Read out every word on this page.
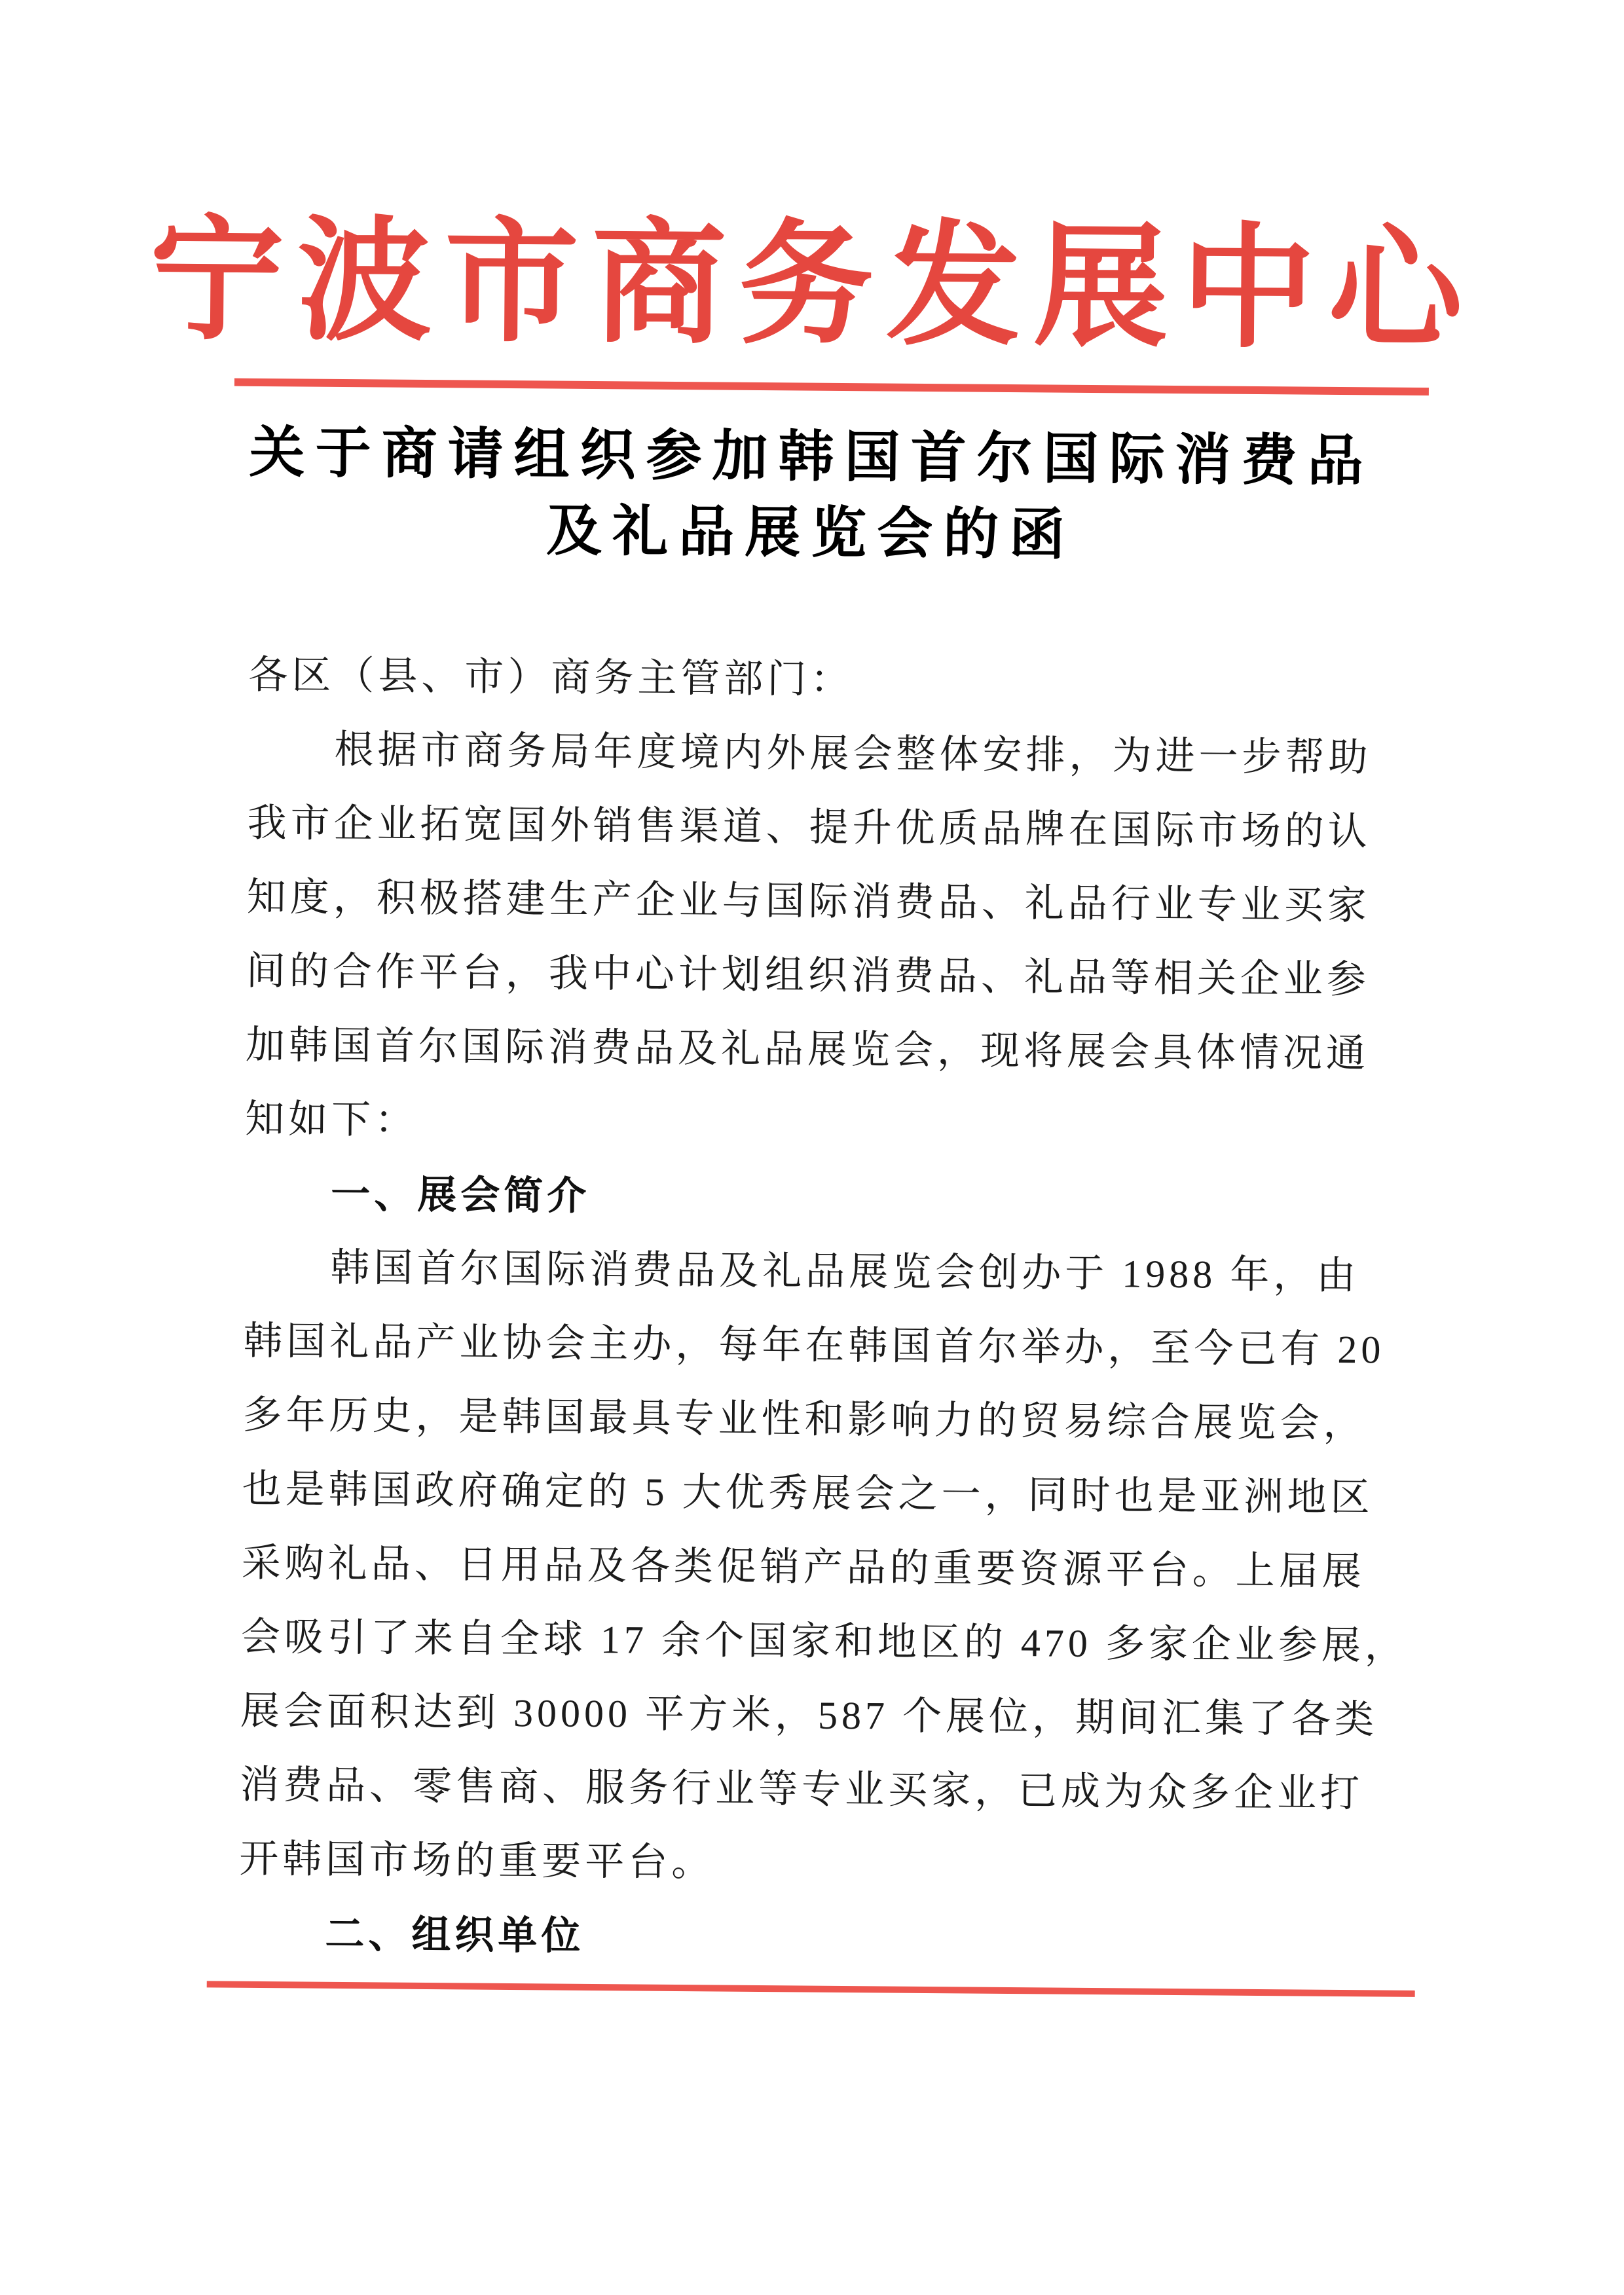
宁波市商务发展中心
关于商请组织参加韩国首尔国际消费品
及礼品展览会的函
各区（县、市）商务主管部门：
　　根据市商务局年度境内外展会整体安排，为进一步帮助
我市企业拓宽国外销售渠道、提升优质品牌在国际市场的认
知度，积极搭建生产企业与国际消费品、礼品行业专业买家
间的合作平台，我中心计划组织消费品、礼品等相关企业参
加韩国首尔国际消费品及礼品展览会，现将展会具体情况通
知如下：
　　一、展会简介
　　韩国首尔国际消费品及礼品展览会创办于 1988 年，由
韩国礼品产业协会主办，每年在韩国首尔举办，至今已有 20
多年历史，是韩国最具专业性和影响力的贸易综合展览会，
也是韩国政府确定的 5 大优秀展会之一，同时也是亚洲地区
采购礼品、日用品及各类促销产品的重要资源平台。上届展
会吸引了来自全球 17 余个国家和地区的 470 多家企业参展，
展会面积达到 30000 平方米，587 个展位，期间汇集了各类
消费品、零售商、服务行业等专业买家，已成为众多企业打
开韩国市场的重要平台。
　　二、组织单位
